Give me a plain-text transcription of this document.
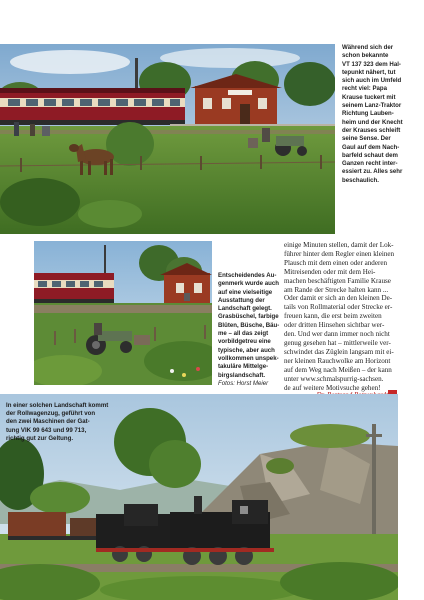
Während sich der
schon bekannte
VT 137 323 dem Hal-
tepunkt nähert, tut
sich auch im Umfeld
recht viel: Papa
Krause tuckert mit
seinem Lanz-Traktor
Richtung Lauben-
heim und der Knecht
der Krauses schleift
seine Sense. Der
Gaul auf dem Nach-
barfeld schaut dem
Ganzen recht inter-
essiert zu. Alles sehr
beschaulich.
Entscheidendes Au-
genmerk wurde auch
auf eine vielseitige
Ausstattung der
Landschaft gelegt.
Grasbüschel, farbige
Blüten, Büsche, Bäu-
me – all das zeigt
vorbildgetreu eine
typische, aber auch
vollkommen unspek-
takuläre Mittelge-
birgslandschaft.
Fotos: Horst Meier
einige Minuten stellen, damit der Lok-
führer hinter dem Regler einen kleinen
Plausch mit dem einen oder anderen
Mitreisenden oder mit dem Hei-
machen beschäftigten Familie Krause
am Rande der Strecke halten kann ...
Oder damit er sich an den kleinen De-
tails von Rollmaterial oder Strecke er-
freuen kann, die erst beim zweiten
oder dritten Hinsehen sichtbar wer-
den. Und wer dann immer noch nicht
genug gesehen hat – mittlerweile ver-
schwindet das Züglein langsam mit ei-
ner kleinen Rauchwolke am Horizont
auf dem Weg nach Meißen – der kann
unter www.schmalspurrig-sachsen.
de auf weitere Motivsuche gehen!
In einer solchen Landschaft kommt
der Rollwagenzug, geführt von
den zwei Maschinen der Gat-
tung VIK 99 643 und 99 713,
richtig gut zur Geltung.
